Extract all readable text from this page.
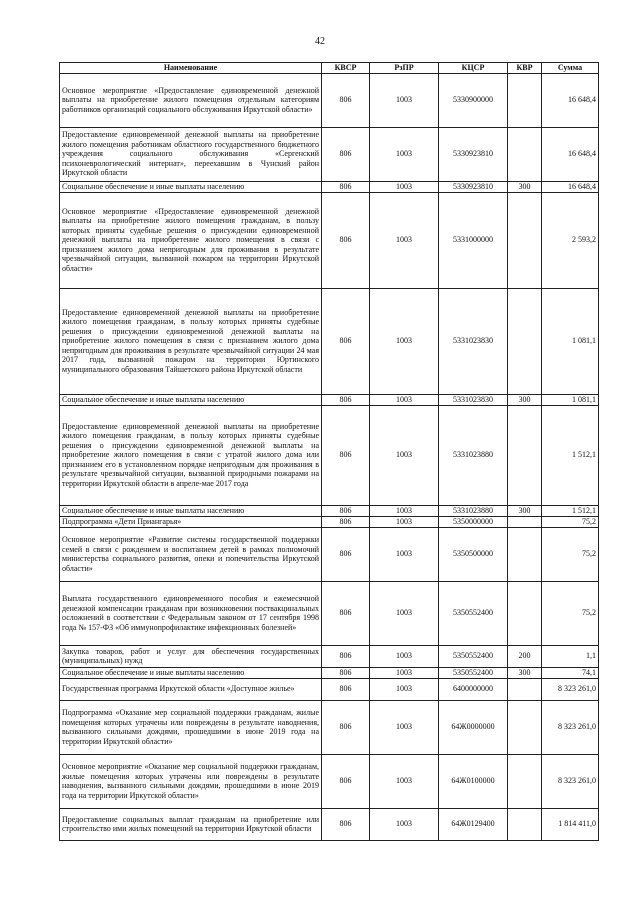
42
Наименование	КВСР	РзПР	КЦСР	КВР	Сумма
Основное мероприятие «Предоставление единовременной денежной выплаты на приобретение жилого помещения отдельным категориям работников организаций социального обслуживания Иркутской области»	806	1003	5330900000		16 648,4
Предоставление единовременной денежной выплаты на приобретение жилого помещения работникам областного государственного бюджетного учреждения социального обслуживания «Сергенский психоневрологический интернат», переехавшим в Чунский район Иркутской области	806	1003	5330923810		16 648,4
Социальное обеспечение и иные выплаты населению	806	1003	5330923810	300	16 648,4
Основное мероприятие «Предоставление единовременной денежной выплаты на приобретение жилого помещения гражданам, в пользу которых приняты судебные решения о присуждении единовременной денежной выплаты на приобретение жилого помещения в связи с признанием жилого дома непригодным для проживания в результате чрезвычайной ситуации, вызванной пожаром на территории Иркутской области»	806	1003	5331000000		2 593,2
Предоставление единовременной денежной выплаты на приобретение жилого помещения гражданам, в пользу которых приняты судебные решения о присуждении единовременной денежной выплаты на приобретение жилого помещения в связи с признанием жилого дома непригодным для проживания в результате чрезвычайной ситуации 24 мая 2017 года, вызванной пожаром на территории Юртинского муниципального образования Тайшетского района Иркутской области	806	1003	5331023830		1 081,1
Социальное обеспечение и иные выплаты населению	806	1003	5331023830	300	1 081,1
Предоставление единовременной денежной выплаты на приобретение жилого помещения гражданам, в пользу которых приняты судебные решения о присуждении единовременной денежной выплаты на приобретение жилого помещения в связи с утратой жилого дома или признанием его в установленном порядке непригодным для проживания в результате чрезвычайной ситуации, вызванной природными пожарами на территории Иркутской области в апреле-мае 2017 года	806	1003	5331023880		1 512,1
Социальное обеспечение и иные выплаты населению	806	1003	5331023880	300	1 512,1
Подпрограмма «Дети Приангарья»	806	1003	5350000000		75,2
Основное мероприятие «Развитие системы государственной поддержки семей в связи с рождением и воспитанием детей в рамках полномочий министерства социального развития, опеки и попечительства Иркутской области»	806	1003	5350500000		75,2
Выплата государственного единовременного пособия и ежемесячной денежной компенсации гражданам при возникновении поствакцинальных осложнений в соответствии с Федеральным законом от 17 сентября 1998 года № 157-ФЗ «Об иммунопрофилактике инфекционных болезней»	806	1003	5350552400		75,2
Закупка товаров, работ и услуг для обеспечения государственных (муниципальных) нужд	806	1003	5350552400	200	1,1
Социальное обеспечение и иные выплаты населению	806	1003	5350552400	300	74,1
Государственная программа Иркутской области «Доступное жилье»	806	1003	6400000000		8 323 261,0
Подпрограмма «Оказание мер социальной поддержки гражданам, жилые помещения которых утрачены или повреждены в результате наводнения, вызванного сильными дождями, прошедшими в июне 2019 года на территории Иркутской области»	806	1003	64Ж0000000		8 323 261,0
Основное мероприятие «Оказание мер социальной поддержки гражданам, жилые помещения которых утрачены или повреждены в результате наводнения, вызванного сильными дождями, прошедшими в июне 2019 года на территории Иркутской области»	806	1003	64Ж0100000		8 323 261,0
Предоставление социальных выплат гражданам на приобретение или строительство ими жилых помещений на территории Иркутской области	806	1003	64Ж0129400		1 814 411,0
